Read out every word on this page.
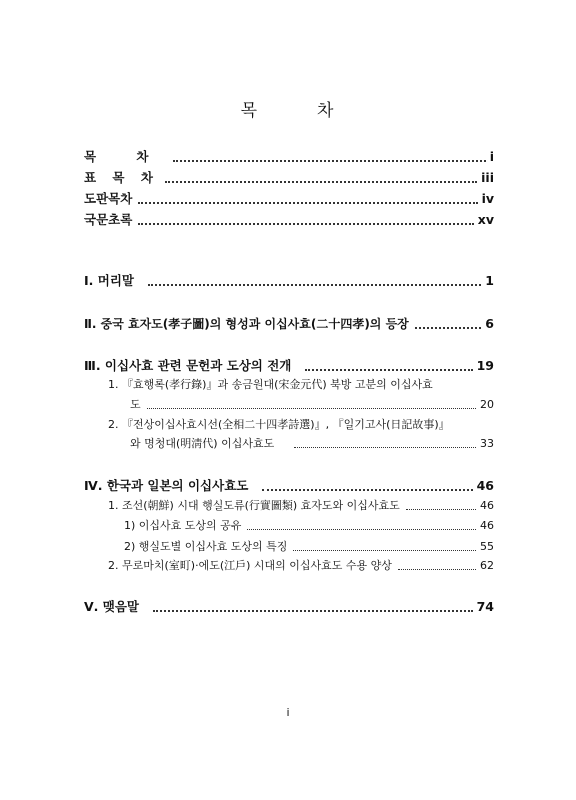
목	차
목 차	i
표 목 차	iii
도판목차	iv
국문초록	xv
Ⅰ. 머리말	1
Ⅱ. 중국 효자도(孝子圖)의 형성과 이십사효(二十四孝)의 등장	6
Ⅲ. 이십사효 관련 문헌과 도상의 전개	19
1. 『효행록(孝行錄)』과 송금원대(宋金元代) 북방 고분의 이십사효
도	20
2. 『전상이십사효시선(全相二十四孝詩選)』, 『일기고사(日記故事)』
와 명청대(明淸代) 이십사효도	33
Ⅳ. 한국과 일본의 이십사효도	46
1. 조선(朝鮮) 시대 행실도류(行實圖類) 효자도와 이십사효도	46
1) 이십사효 도상의 공유	46
2) 행실도별 이십사효 도상의 특징	55
2. 무로마치(室町)·에도(江戶) 시대의 이십사효도 수용 양상	62
Ⅴ. 맺음말	74
i
